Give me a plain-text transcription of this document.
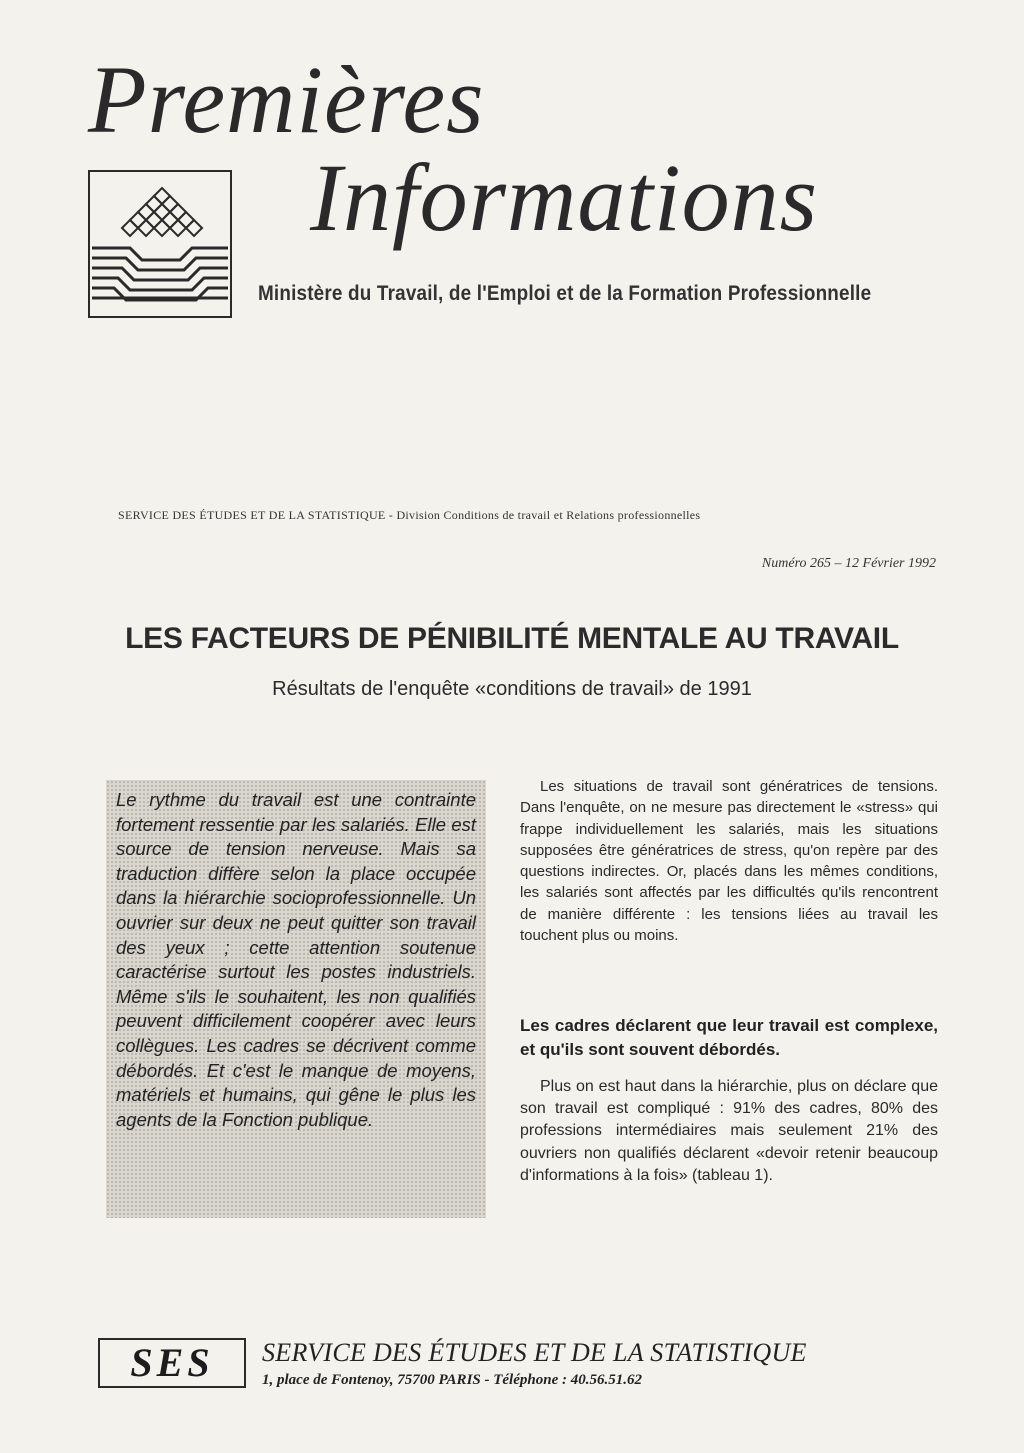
Premières
Informations
Ministère du Travail, de l'Emploi et de la Formation Professionnelle
SERVICE DES ÉTUDES ET DE LA STATISTIQUE - Division Conditions de travail et Relations professionnelles
Numéro 265 – 12 Février 1992
LES FACTEURS DE PÉNIBILITÉ MENTALE AU TRAVAIL
Résultats de l'enquête «conditions de travail» de 1991
Le rythme du travail est une contrainte fortement ressentie par les salariés. Elle est source de tension nerveuse. Mais sa traduction diffère selon la place occupée dans la hiérarchie socioprofessionnelle. Un ouvrier sur deux ne peut quitter son travail des yeux ; cette attention soutenue caractérise surtout les postes industriels. Même s'ils le souhaitent, les non qualifiés peuvent difficilement coopérer avec leurs collègues. Les cadres se décrivent comme débordés. Et c'est le manque de moyens, matériels et humains, qui gêne le plus les agents de la Fonction publique.

Les situations de travail sont génératrices de tensions. Dans l'enquête, on ne mesure pas directement le «stress» qui frappe individuellement les salariés, mais les situations supposées être génératrices de stress, qu'on repère par des questions indirectes. Or, placés dans les mêmes conditions, les salariés sont affectés par les difficultés qu'ils rencontrent de manière différente : les tensions liées au travail les touchent plus ou moins.

Les cadres déclarent que leur travail est complexe, et qu'ils sont souvent débordés.

Plus on est haut dans la hiérarchie, plus on déclare que son travail est compliqué : 91% des cadres, 80% des professions intermédiaires mais seulement 21% des ouvriers non qualifiés déclarent «devoir retenir beaucoup d'informations à la fois» (tableau 1).

SES	SERVICE DES ÉTUDES ET DE LA STATISTIQUE
1, place de Fontenoy, 75700 PARIS - Téléphone : 40.56.51.62
